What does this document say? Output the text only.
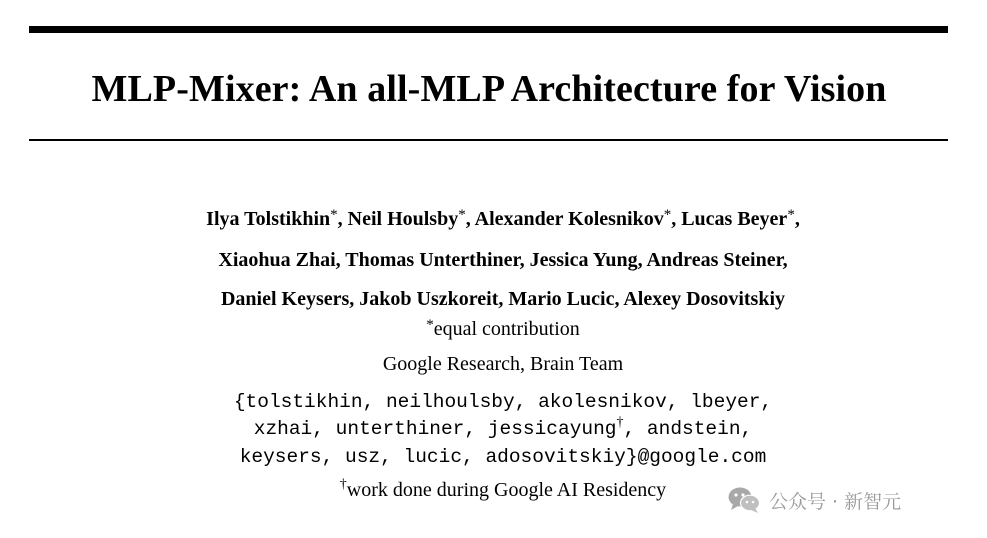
MLP-Mixer: An all-MLP Architecture for Vision
Ilya Tolstikhin*, Neil Houlsby*, Alexander Kolesnikov*, Lucas Beyer*,
Xiaohua Zhai, Thomas Unterthiner, Jessica Yung, Andreas Steiner,
Daniel Keysers, Jakob Uszkoreit, Mario Lucic, Alexey Dosovitskiy
*equal contribution
Google Research, Brain Team
{tolstikhin, neilhoulsby, akolesnikov, lbeyer,
xzhai, unterthiner, jessicayung†, andstein,
keysers, usz, lucic, adosovitskiy}@google.com
†work done during Google AI Residency
公众号 · 新智元
